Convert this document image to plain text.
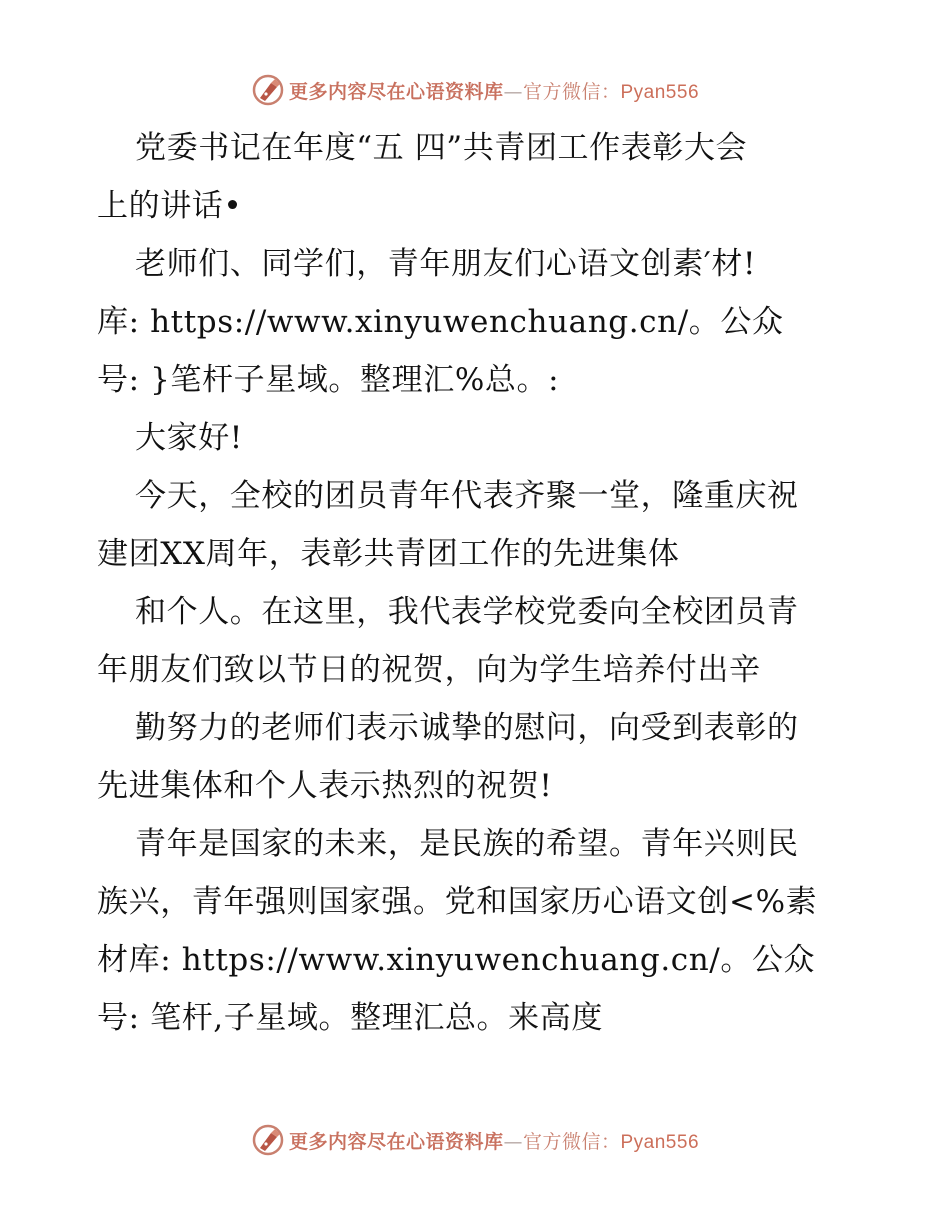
更多内容尽在心语资料库—官方微信：Pyan556
党委书记在年度“五 四”共青团工作表彰大会
上的讲话•
老师们、同学们，青年朋友们心语文创素′材!
库: https://www.xinyuwenchuang.cn/。公众
号: }笔杆子星域。整理汇%总。:
大家好!
今天，全校的团员青年代表齐聚一堂，隆重庆祝
建团XX周年，表彰共青团工作的先进集体
和个人。在这里，我代表学校党委向全校团员青
年朋友们致以节日的祝贺，向为学生培养付出辛
勤努力的老师们表示诚挚的慰问，向受到表彰的
先进集体和个人表示热烈的祝贺!
青年是国家的未来，是民族的希望。青年兴则民
族兴，青年强则国家强。党和国家历心语文创<%素
材库: https://www.xinyuwenchuang.cn/。公众
号: 笔杆,子星域。整理汇总。来高度
更多内容尽在心语资料库—官方微信：Pyan556
